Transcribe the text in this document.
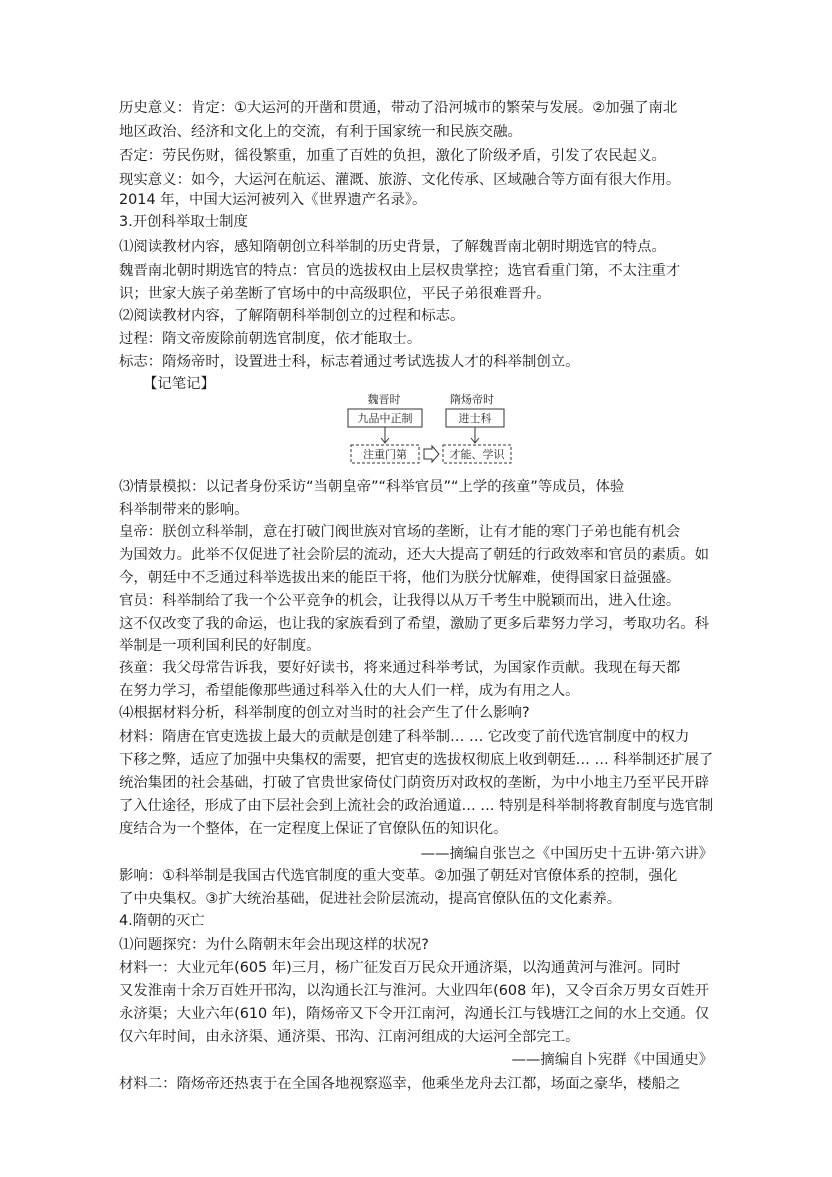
历史意义：肯定：①大运河的开凿和贯通，带动了沿河城市的繁荣与发展。②加强了南北
地区政治、经济和文化上的交流，有利于国家统一和民族交融。
否定：劳民伤财，徭役繁重，加重了百姓的负担，激化了阶级矛盾，引发了农民起义。
现实意义：如今，大运河在航运、灌溉、旅游、文化传承、区域融合等方面有很大作用。
2014 年，中国大运河被列入《世界遗产名录》。
3.开创科举取士制度
⑴阅读教材内容，感知隋朝创立科举制的历史背景，了解魏晋南北朝时期选官的特点。
魏晋南北朝时期选官的特点：官员的选拔权由上层权贵掌控；选官看重门第，不太注重才
识；世家大族子弟垄断了官场中的中高级职位，平民子弟很难晋升。
⑵阅读教材内容，了解隋朝科举制创立的过程和标志。
过程：隋文帝废除前朝选官制度，依才能取士。
标志：隋炀帝时，设置进士科，标志着通过考试选拔人才的科举制创立。
【记笔记】
魏晋时	隋炀帝时
九品中正制	进士科
注重门第	才能、学识
⑶情景模拟：以记者身份采访“当朝皇帝”“科举官员”“上学的孩童”等成员，体验
科举制带来的影响。
皇帝：朕创立科举制，意在打破门阀世族对官场的垄断，让有才能的寒门子弟也能有机会
为国效力。此举不仅促进了社会阶层的流动，还大大提高了朝廷的行政效率和官员的素质。如
今，朝廷中不乏通过科举选拔出来的能臣干将，他们为朕分忧解难，使得国家日益强盛。
官员：科举制给了我一个公平竞争的机会，让我得以从万千考生中脱颖而出，进入仕途。
这不仅改变了我的命运，也让我的家族看到了希望，激励了更多后辈努力学习，考取功名。科
举制是一项利国利民的好制度。
孩童：我父母常告诉我，要好好读书，将来通过科举考试，为国家作贡献。我现在每天都
在努力学习，希望能像那些通过科举入仕的大人们一样，成为有用之人。
⑷根据材料分析，科举制度的创立对当时的社会产生了什么影响?
材料：隋唐在官吏选拔上最大的贡献是创建了科举制… … 它改变了前代选官制度中的权力
下移之弊，适应了加强中央集权的需要，把官吏的选拔权彻底上收到朝廷… … 科举制还扩展了
统治集团的社会基础，打破了官贵世家倚仗门荫资历对政权的垄断，为中小地主乃至平民开辟
了入仕途径，形成了由下层社会到上流社会的政治通道… … 特别是科举制将教育制度与选官制
度结合为一个整体，在一定程度上保证了官僚队伍的知识化。
——摘编自张岂之《中国历史十五讲·第六讲》
影响：①科举制是我国古代选官制度的重大变革。②加强了朝廷对官僚体系的控制，强化
了中央集权。③扩大统治基础，促进社会阶层流动，提高官僚队伍的文化素养。
4.隋朝的灭亡
⑴问题探究：为什么隋朝末年会出现这样的状况?
材料一：大业元年(605 年)三月，杨广征发百万民众开通济渠，以沟通黄河与淮河。同时
又发淮南十余万百姓开邗沟，以沟通长江与淮河。大业四年(608 年)，又令百余万男女百姓开
永济渠；大业六年(610 年)，隋炀帝又下令开江南河，沟通长江与钱塘江之间的水上交通。仅
仅六年时间，由永济渠、通济渠、邗沟、江南河组成的大运河全部完工。
——摘编自卜宪群《中国通史》
材料二：隋炀帝还热衷于在全国各地视察巡幸，他乘坐龙舟去江都，场面之豪华，楼船之
